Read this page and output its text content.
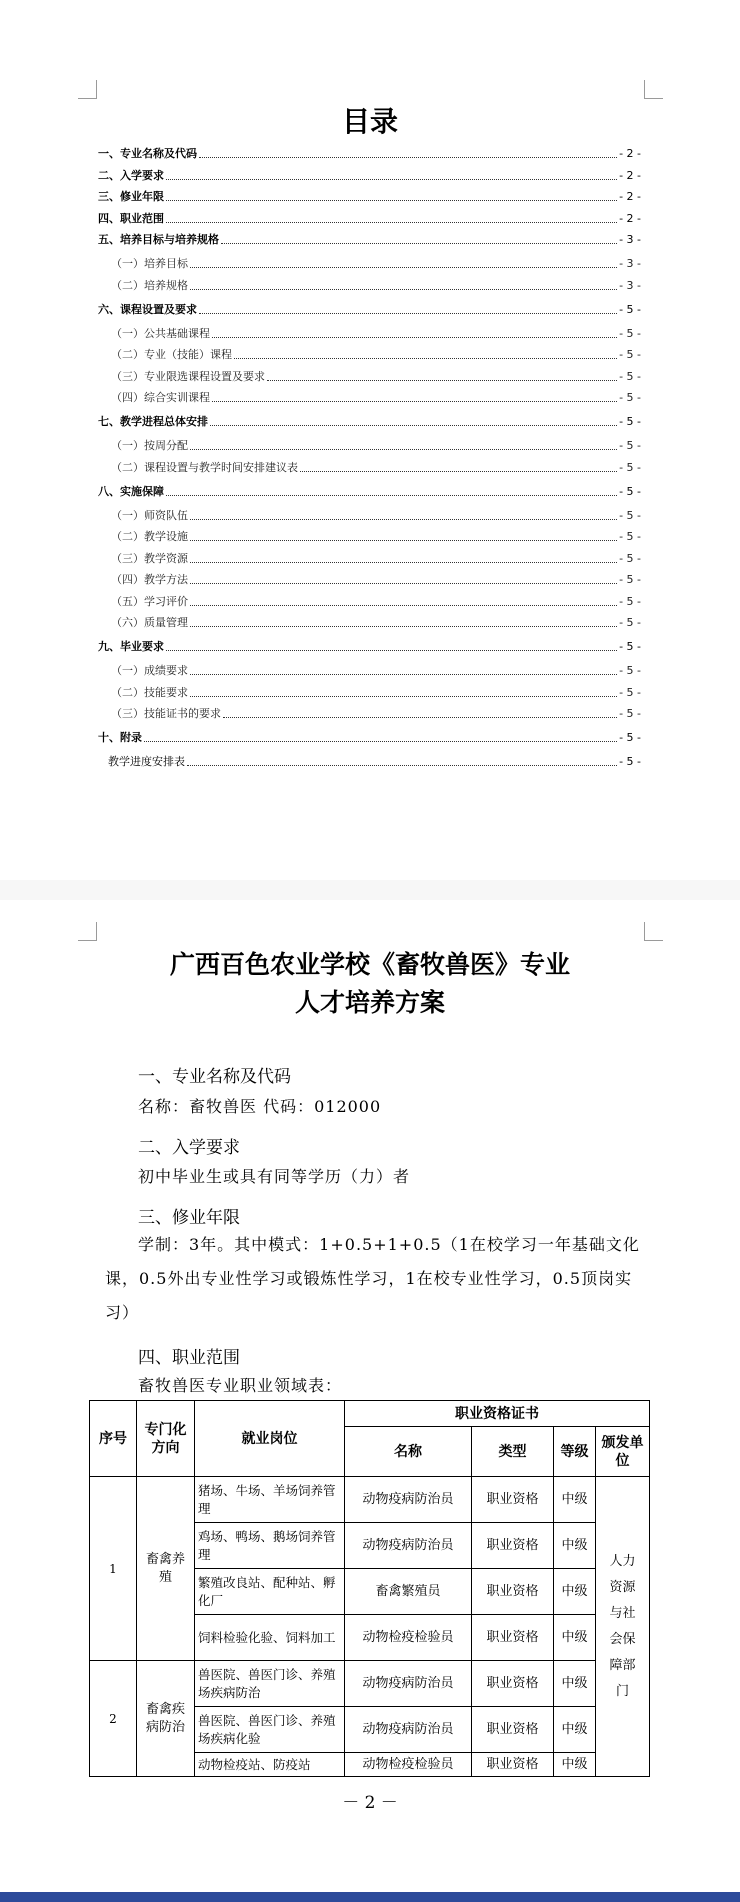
目录
一、专业名称及代码	- 2 -
二、入学要求	- 2 -
三、修业年限	- 2 -
四、职业范围	- 2 -
五、培养目标与培养规格	- 3 -
（一）培养目标	- 3 -
（二）培养规格	- 3 -
六、课程设置及要求	- 5 -
（一）公共基础课程	- 5 -
（二）专业（技能）课程	- 5 -
（三）专业限选课程设置及要求	- 5 -
（四）综合实训课程	- 5 -
七、教学进程总体安排	- 5 -
（一）按周分配	- 5 -
（二）课程设置与教学时间安排建议表	- 5 -
八、实施保障	- 5 -
（一）师资队伍	- 5 -
（二）教学设施	- 5 -
（三）教学资源	- 5 -
（四）教学方法	- 5 -
（五）学习评价	- 5 -
（六）质量管理	- 5 -
九、毕业要求	- 5 -
（一）成绩要求	- 5 -
（二）技能要求	- 5 -
（三）技能证书的要求	- 5 -
十、附录	- 5 -
教学进度安排表	- 5 -
广西百色农业学校《畜牧兽医》专业
人才培养方案
一、专业名称及代码
名称：畜牧兽医 代码：012000
二、入学要求
初中毕业生或具有同等学历（力）者
三、修业年限
学制：3年。其中模式：1+0.5+1+0.5（1在校学习一年基础文化课，0.5外出专业性学习或锻炼性学习，1在校专业性学习，0.5顶岗实习）
四、职业范围
畜牧兽医专业职业领域表：
序号	专门化方向	就业岗位	职业资格证书			
			名称	类型	等级	颁发单位
1	畜禽养殖	猪场、牛场、羊场饲养管理	动物疫病防治员	职业资格	中级	人力资源与社会保障部门
		鸡场、鸭场、鹅场饲养管理	动物疫病防治员	职业资格	中级	
		繁殖改良站、配种站、孵化厂	畜禽繁殖员	职业资格	中级	
		饲料检验化验、饲料加工	动物检疫检验员	职业资格	中级	
2	畜禽疾病防治	兽医院、兽医门诊、养殖场疾病防治	动物疫病防治员	职业资格	中级	
		兽医院、兽医门诊、养殖场疾病化验	动物疫病防治员	职业资格	中级	
		动物检疫站、防疫站	动物检疫检验员	职业资格	中级	
－ 2 －
